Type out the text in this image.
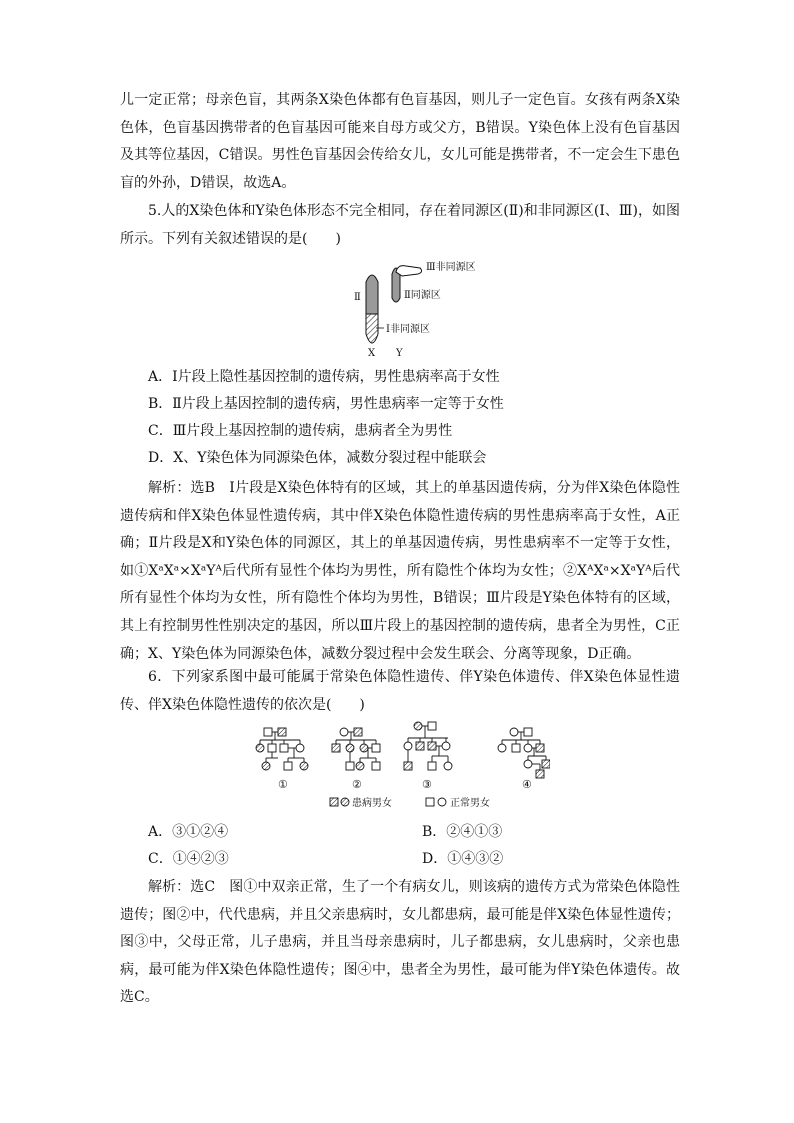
儿一定正常；母亲色盲，其两条X染色体都有色盲基因，则儿子一定色盲。女孩有两条X染色体，色盲基因携带者的色盲基因可能来自母方或父方，B错误。Y染色体上没有色盲基因及其等位基因，C错误。男性色盲基因会传给女儿，女儿可能是携带者，不一定会生下患色盲的外孙，D错误，故选A。
5.人的X染色体和Y染色体形态不完全相同，存在着同源区(Ⅱ)和非同源区(Ⅰ、Ⅲ)，如图所示。下列有关叙述错误的是(　　)
Ⅱ
Ⅲ非同源区
Ⅱ同源区
Ⅰ非同源区
X Y
A．Ⅰ片段上隐性基因控制的遗传病，男性患病率高于女性
B．Ⅱ片段上基因控制的遗传病，男性患病率一定等于女性
C．Ⅲ片段上基因控制的遗传病，患病者全为男性
D．X、Y染色体为同源染色体，减数分裂过程中能联会
解析：选B　Ⅰ片段是X染色体特有的区域，其上的单基因遗传病，分为伴X染色体隐性遗传病和伴X染色体显性遗传病，其中伴X染色体隐性遗传病的男性患病率高于女性，A正确；Ⅱ片段是X和Y染色体的同源区，其上的单基因遗传病，男性患病率不一定等于女性，如①XᵃXᵃ×XᵃYᴬ后代所有显性个体均为男性，所有隐性个体均为女性；②XᴬXᵃ×XᵃYᴬ后代所有显性个体均为女性，所有隐性个体均为男性，B错误；Ⅲ片段是Y染色体特有的区域，其上有控制男性性别决定的基因，所以Ⅲ片段上的基因控制的遗传病，患者全为男性，C正确；X、Y染色体为同源染色体，减数分裂过程中会发生联会、分离等现象，D正确。
6．下列家系图中最可能属于常染色体隐性遗传、伴Y染色体遗传、伴X染色体显性遗传、伴X染色体隐性遗传的依次是(　　)
①	②	③	④
患病男女	正常男女
A．③①②④	B．②④①③
C．①④②③	D．①④③②
解析：选C　图①中双亲正常，生了一个有病女儿，则该病的遗传方式为常染色体隐性遗传；图②中，代代患病，并且父亲患病时，女儿都患病，最可能是伴X染色体显性遗传；图③中，父母正常，儿子患病，并且当母亲患病时，儿子都患病，女儿患病时，父亲也患病，最可能为伴X染色体隐性遗传；图④中，患者全为男性，最可能为伴Y染色体遗传。故选C。
